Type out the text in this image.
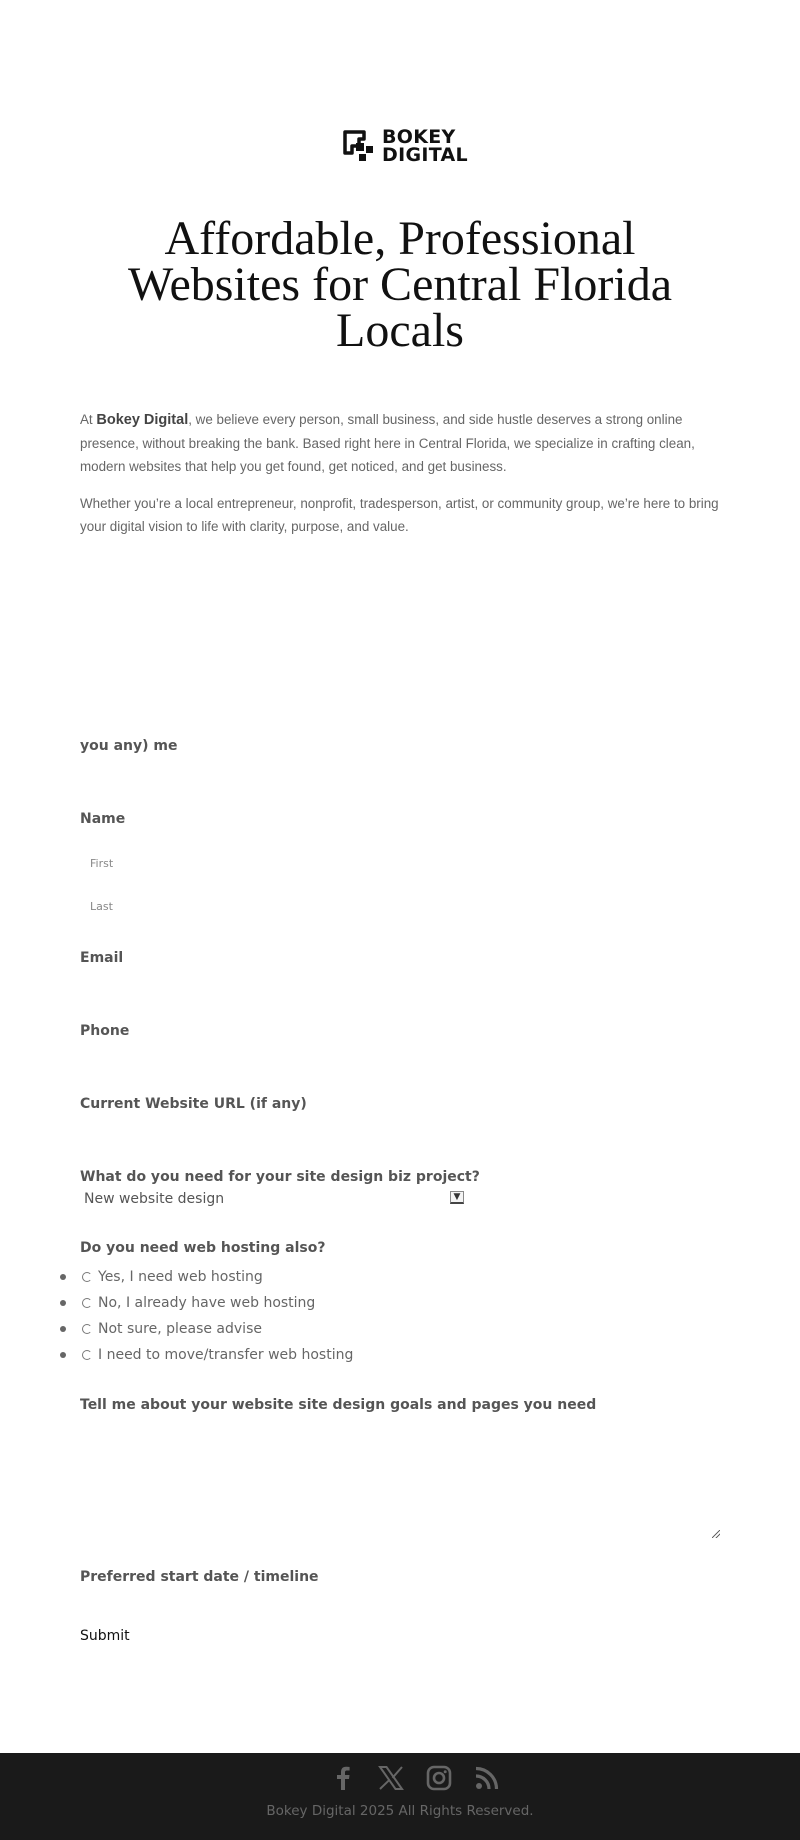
BOKEY
DIGITAL
Affordable, Professional Websites for Central Florida Locals

At Bokey Digital, we believe every person, small business, and side hustle deserves a strong online presence, without breaking the bank. Based right here in Central Florida, we specialize in crafting clean, modern websites that help you get found, get noticed, and get business.

Whether you’re a local entrepreneur, nonprofit, tradesperson, artist, or community group, we’re here to bring your digital vision to life with clarity, purpose, and value.

you any) me
Name
First
Last
Email
Phone
Current Website URL (if any)
What do you need for your site design biz project?
New website design	▼
Do you need web hosting also?
Yes, I need web hosting
No, I already have web hosting
Not sure, please advise
I need to move/transfer web hosting
Tell me about your website site design goals and pages you need
Preferred start date / timeline
Submit
Bokey Digital 2025 All Rights Reserved.
